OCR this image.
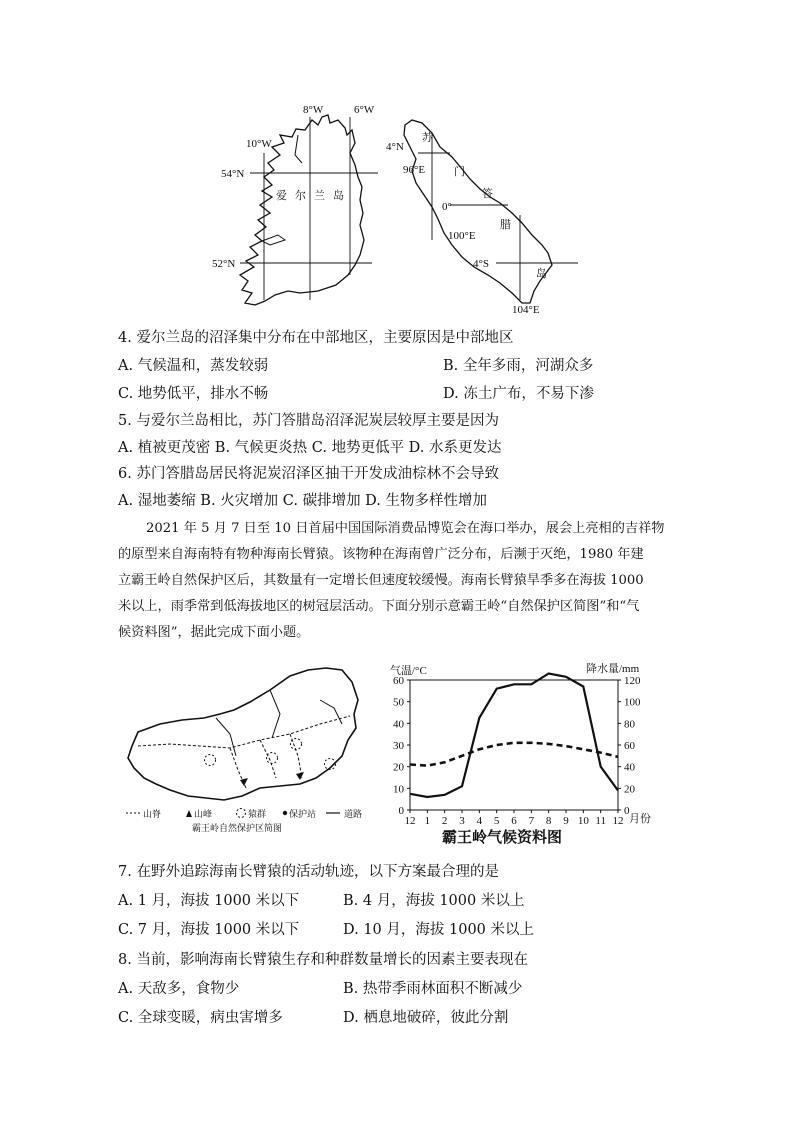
8°W	6°W
10°W
54°N
52°N
爱 尔 兰 岛
4°N
96°E
0°
100°E
4°S
104°E
苏
门
答
腊
岛
4. 爱尔兰岛的沼泽集中分布在中部地区，主要原因是中部地区
A. 气候温和，蒸发较弱	B. 全年多雨，河湖众多
C. 地势低平，排水不畅	D. 冻土广布，不易下渗
5. 与爱尔兰岛相比，苏门答腊岛沼泽泥炭层较厚主要是因为
A. 植被更茂密 B. 气候更炎热 C. 地势更低平 D. 水系更发达
6. 苏门答腊岛居民将泥炭沼泽区抽干开发成油棕林不会导致
A. 湿地萎缩 B. 火灾增加 C. 碳排增加 D. 生物多样性增加
2021 年 5 月 7 日至 10 日首届中国国际消费品博览会在海口举办，展会上亮相的吉祥物
的原型来自海南特有物种海南长臂猿。该物种在海南曾广泛分布，后濒于灭绝，1980 年建
立霸王岭自然保护区后，其数量有一定增长但速度较缓慢。海南长臂猿旱季多在海拔 1000
米以上，雨季常到低海拔地区的树冠层活动。下面分别示意霸王岭“自然保护区简图”和“气
候资料图”，据此完成下面小题。
山脊	山峰	猿群	保护站	道路
霸王岭自然保护区简图
0
10
20
30
40
50
60
0
20
40
60
80
100
120
12 1 2 3 4 5 6 7 8 9 10 11 12
气温/°C	降水量/mm
月份
霸王岭气候资料图
7. 在野外追踪海南长臂猿的活动轨迹，以下方案最合理的是
A. 1 月，海拔 1000 米以下	B. 4 月，海拔 1000 米以上
C. 7 月，海拔 1000 米以下	D. 10 月，海拔 1000 米以上
8. 当前，影响海南长臂猿生存和种群数量增长的因素主要表现在
A. 天敌多，食物少	B. 热带季雨林面积不断减少
C. 全球变暖，病虫害增多	D. 栖息地破碎，彼此分割
